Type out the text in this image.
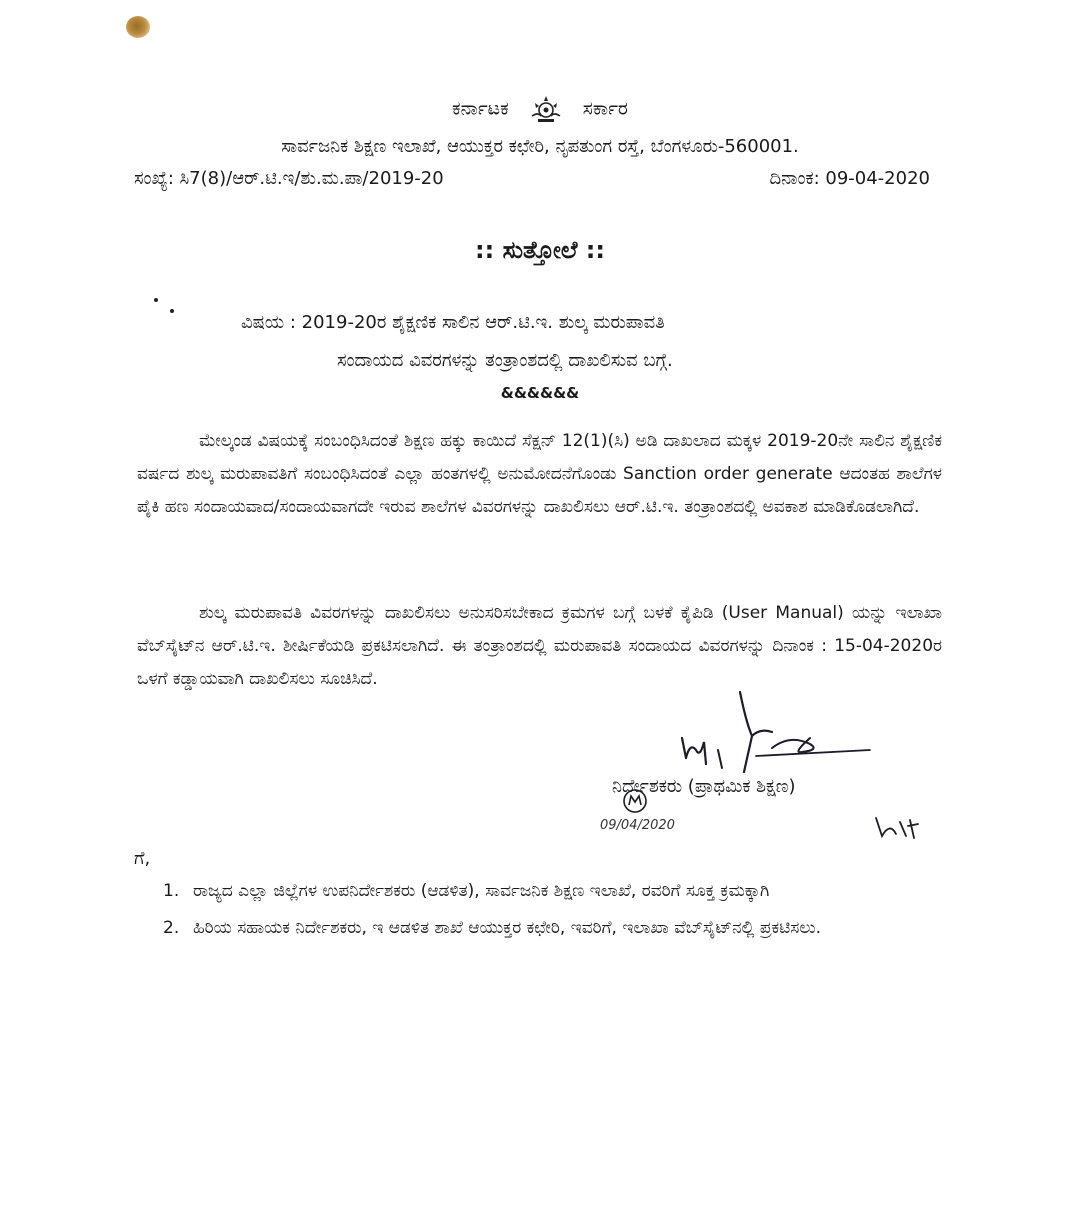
ಕರ್ನಾಟಕ	ಸರ್ಕಾರ
ಸಾರ್ವಜನಿಕ ಶಿಕ್ಷಣ ಇಲಾಖೆ, ಆಯುಕ್ತರ ಕಛೇರಿ, ನೃಪತುಂಗ ರಸ್ತೆ, ಬೆಂಗಳೂರು-560001.
ಸಂಖ್ಯೆ: ಸಿ7(8)/ಆರ್.ಟಿ.ಇ/ಶು.ಮ.ಪಾ/2019-20	ದಿನಾಂಕ: 09-04-2020
:: ಸುತ್ತೋಲೆ ::
ವಿಷಯ : 2019-20ರ ಶೈಕ್ಷಣಿಕ ಸಾಲಿನ ಆರ್.ಟಿ.ಇ. ಶುಲ್ಕ ಮರುಪಾವತಿ
ಸಂದಾಯದ ವಿವರಗಳನ್ನು ತಂತ್ರಾಂಶದಲ್ಲಿ ದಾಖಲಿಸುವ ಬಗ್ಗೆ.
&&&&&&

ಮೇಲ್ಕಂಡ ವಿಷಯಕ್ಕೆ ಸಂಬಂಧಿಸಿದಂತೆ ಶಿಕ್ಷಣ ಹಕ್ಕು ಕಾಯಿದೆ ಸೆಕ್ಷನ್ 12(1)(ಸಿ) ಅಡಿ ದಾಖಲಾದ ಮಕ್ಕಳ 2019-20ನೇ ಸಾಲಿನ ಶೈಕ್ಷಣಿಕ ವರ್ಷದ ಶುಲ್ಕ ಮರುಪಾವತಿಗೆ ಸಂಬಂಧಿಸಿದಂತೆ ಎಲ್ಲಾ ಹಂತಗಳಲ್ಲಿ ಅನುಮೋದನೆಗೊಂಡು Sanction order generate ಆದಂತಹ ಶಾಲೆಗಳ ಪೈಕಿ ಹಣ ಸಂದಾಯವಾದ/ಸಂದಾಯವಾಗದೇ ಇರುವ ಶಾಲೆಗಳ ವಿವರಗಳನ್ನು ದಾಖಲಿಸಲು ಆರ್.ಟಿ.ಇ. ತಂತ್ರಾಂಶದಲ್ಲಿ ಅವಕಾಶ ಮಾಡಿಕೊಡಲಾಗಿದೆ.

ಶುಲ್ಕ ಮರುಪಾವತಿ ವಿವರಗಳನ್ನು ದಾಖಲಿಸಲು ಅನುಸರಿಸಬೇಕಾದ ಕ್ರಮಗಳ ಬಗ್ಗೆ ಬಳಕೆ ಕೈಪಿಡಿ (User Manual) ಯನ್ನು ಇಲಾಖಾ ವೆಬ್‌ಸೈಟ್‌ನ ಆರ್.ಟಿ.ಇ. ಶೀರ್ಷಿಕೆಯಡಿ ಪ್ರಕಟಿಸಲಾಗಿದೆ. ಈ ತಂತ್ರಾಂಶದಲ್ಲಿ ಮರುಪಾವತಿ ಸಂದಾಯದ ವಿವರಗಳನ್ನು ದಿನಾಂಕ : 15-04-2020ರ ಒಳಗೆ ಕಡ್ಡಾಯವಾಗಿ ದಾಖಲಿಸಲು ಸೂಚಿಸಿದೆ.

ನಿರ್ದೇಶಕರು (ಪ್ರಾಥಮಿಕ ಶಿಕ್ಷಣ)
09/04/2020
ಗೆ,
1. ರಾಜ್ಯದ ಎಲ್ಲಾ ಜಿಲ್ಲೆಗಳ ಉಪನಿರ್ದೇಶಕರು (ಆಡಳಿತ), ಸಾರ್ವಜನಿಕ ಶಿಕ್ಷಣ ಇಲಾಖೆ, ರವರಿಗೆ ಸೂಕ್ತ ಕ್ರಮಕ್ಕಾಗಿ
2. ಹಿರಿಯ ಸಹಾಯಕ ನಿರ್ದೇಶಕರು, ಇ ಆಡಳಿತ ಶಾಖೆ ಆಯುಕ್ತರ ಕಛೇರಿ, ಇವರಿಗೆ, ಇಲಾಖಾ ವೆಬ್‌ಸೈಟ್‌ನಲ್ಲಿ ಪ್ರಕಟಿಸಲು.
